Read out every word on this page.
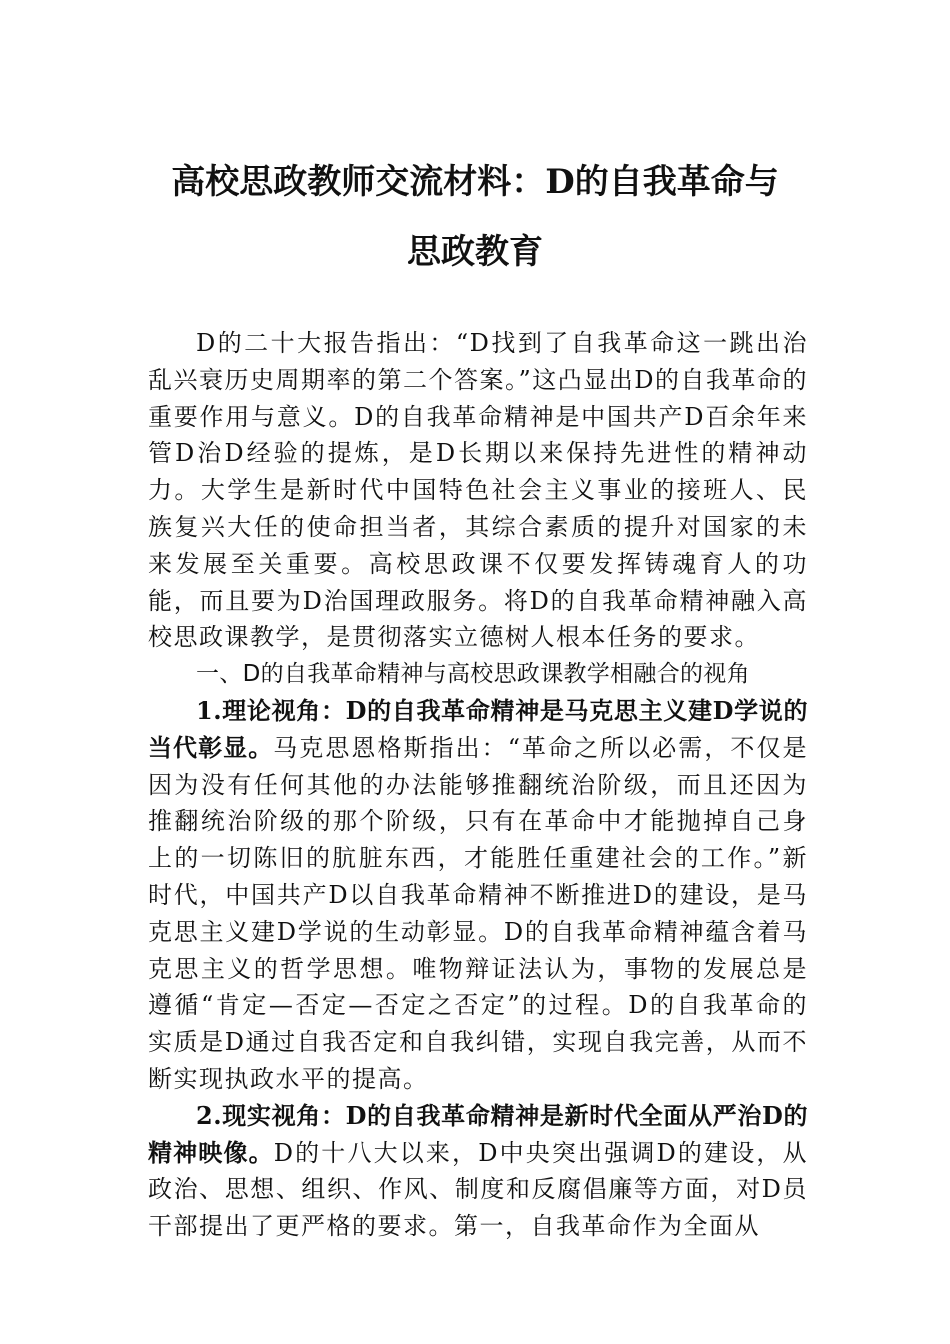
高校思政教师交流材料：D的自我革命与
思政教育

D的二十大报告指出：“D找到了自我革命这一跳出治乱兴衰历史周期率的第二个答案。”这凸显出D的自我革命的重要作用与意义。D的自我革命精神是中国共产D百余年来管D治D经验的提炼，是D长期以来保持先进性的精神动力。大学生是新时代中国特色社会主义事业的接班人、民族复兴大任的使命担当者，其综合素质的提升对国家的未来发展至关重要。高校思政课不仅要发挥铸魂育人的功能，而且要为D治国理政服务。将D的自我革命精神融入高校思政课教学，是贯彻落实立德树人根本任务的要求。

一、D的自我革命精神与高校思政课教学相融合的视角

1.理论视角：D的自我革命精神是马克思主义建D学说的当代彰显。马克思恩格斯指出：“革命之所以必需，不仅是因为没有任何其他的办法能够推翻统治阶级，而且还因为推翻统治阶级的那个阶级，只有在革命中才能抛掉自己身上的一切陈旧的肮脏东西，才能胜任重建社会的工作。”新时代，中国共产D以自我革命精神不断推进D的建设，是马克思主义建D学说的生动彰显。D的自我革命精神蕴含着马克思主义的哲学思想。唯物辩证法认为，事物的发展总是遵循“肯定—否定—否定之否定”的过程。D的自我革命的实质是D通过自我否定和自我纠错，实现自我完善，从而不断实现执政水平的提高。

2.现实视角：D的自我革命精神是新时代全面从严治D的精神映像。D的十八大以来，D中央突出强调D的建设，从政治、思想、组织、作风、制度和反腐倡廉等方面，对D员干部提出了更严格的要求。第一，自我革命作为全面从
